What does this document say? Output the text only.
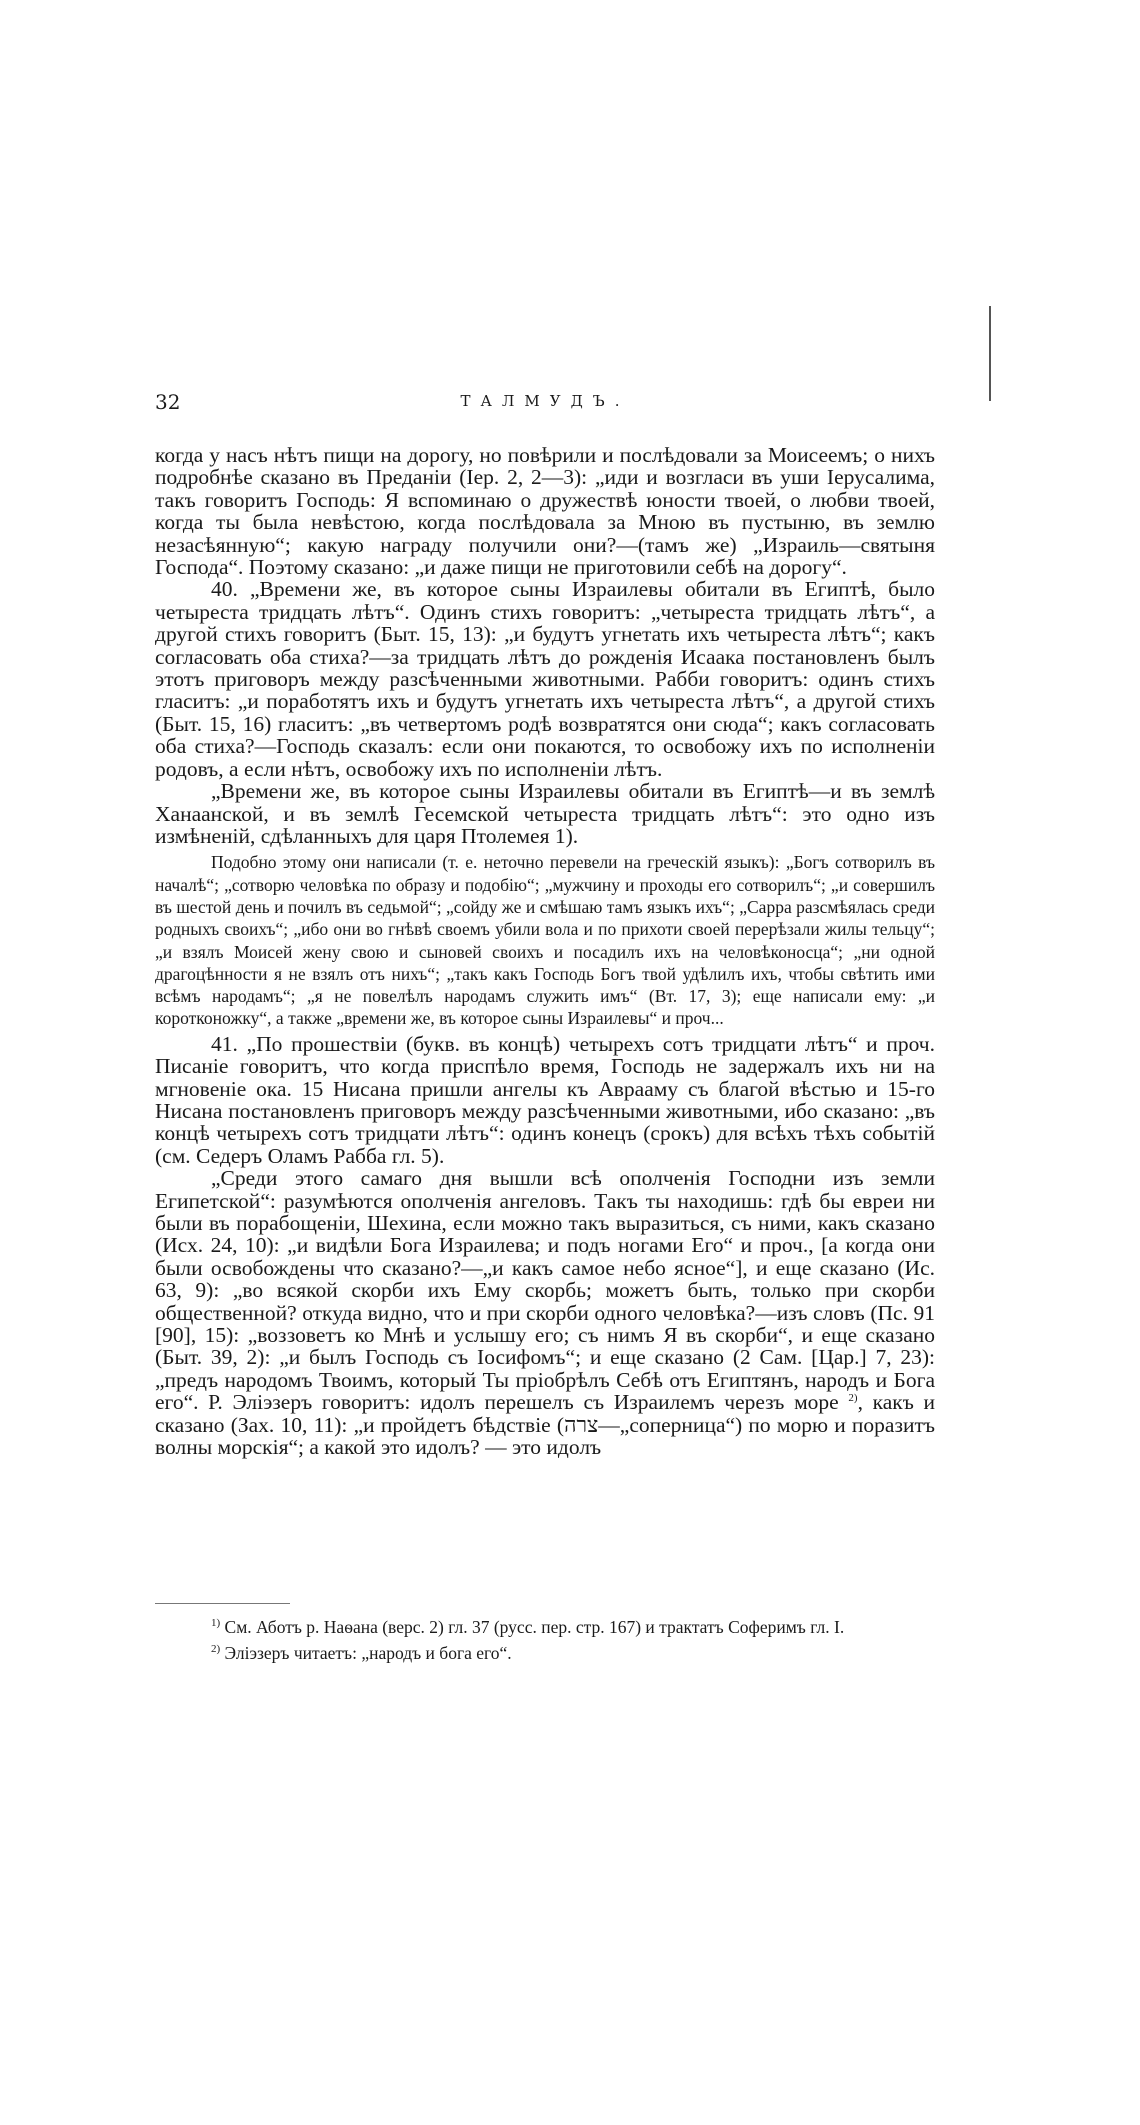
32	ТАЛМУДЪ.

когда у насъ нѣтъ пищи на дорогу, но повѣрили и послѣдовали за Моисеемъ; о нихъ подробнѣе сказано въ Преданіи (Iер. 2, 2—3): „иди и возгласи въ уши Iерусалима, такъ говоритъ Господь: Я вспоминаю о дружествѣ юности твоей, о любви твоей, когда ты была невѣстою, когда послѣдовала за Мною въ пустыню, въ землю незасѣянную“; какую награду получили они?—(тамъ же) „Израиль—святыня Господа“. Поэтому сказано: „и даже пищи не приготовили себѣ на дорогу“.

40. „Времени же, въ которое сыны Израилевы обитали въ Египтѣ, было четыреста тридцать лѣтъ“. Одинъ стихъ говоритъ: „четыреста тридцать лѣтъ“, а другой стихъ говоритъ (Быт. 15, 13): „и будутъ угнетать ихъ четыреста лѣтъ“; какъ согласовать оба стиха?—за тридцать лѣтъ до рожденія Исаака постановленъ былъ этотъ приговоръ между разсѣченными животными. Рабби говоритъ: одинъ стихъ гласитъ: „и поработятъ ихъ и будутъ угнетать ихъ четыреста лѣтъ“, а другой стихъ (Быт. 15, 16) гласитъ: „въ четвертомъ родѣ возвратятся они сюда“; какъ согласовать оба стиха?—Господь сказалъ: если они покаются, то освобожу ихъ по исполненіи родовъ, а если нѣтъ, освобожу ихъ по исполненіи лѣтъ.

„Времени же, въ которое сыны Израилевы обитали въ Египтѣ—и въ землѣ Ханаанской, и въ землѣ Гесемской четыреста тридцать лѣтъ“: это одно изъ измѣненій, сдѣланныхъ для царя Птолемея 1).

Подобно этому они написали (т. е. неточно перевели на греческій языкъ): „Богъ сотворилъ въ началѣ“; „сотворю человѣка по образу и подобію“; „мужчину и проходы его сотворилъ“; „и совершилъ въ шестой день и почилъ въ седьмой“; „сойду же и смѣшаю тамъ языкъ ихъ“; „Сарра разсмѣялась среди родныхъ своихъ“; „ибо они во гнѣвѣ своемъ убили вола и по прихоти своей перерѣзали жилы тельцу“; „и взялъ Моисей жену свою и сыновей своихъ и посадилъ ихъ на человѣконосца“; „ни одной драгоцѣнности я не взялъ отъ нихъ“; „такъ какъ Господь Богъ твой удѣлилъ ихъ, чтобы свѣтить ими всѣмъ народамъ“; „я не повелѣлъ народамъ служить имъ“ (Вт. 17, 3); еще написали ему: „и коротконожку“, а также „времени же, въ которое сыны Израилевы“ и проч...

41. „По прошествіи (букв. въ концѣ) четырехъ сотъ тридцати лѣтъ“ и проч. Писаніе говоритъ, что когда приспѣло время, Господь не задержалъ ихъ ни на мгновеніе ока. 15 Нисана пришли ангелы къ Аврааму съ благой вѣстью и 15-го Нисана постановленъ приговоръ между разсѣченными животными, ибо сказано: „въ концѣ четырехъ сотъ тридцати лѣтъ“: одинъ конецъ (срокъ) для всѣхъ тѣхъ событій (см. Седеръ Оламъ Рабба гл. 5).

„Среди этого самаго дня вышли всѣ ополченія Господни изъ земли Египетской“: разумѣются ополченія ангеловъ. Такъ ты находишь: гдѣ бы евреи ни были въ порабощеніи, Шехина, если можно такъ выразиться, съ ними, какъ сказано (Исх. 24, 10): „и видѣли Бога Израилева; и подъ ногами Его“ и проч., [а когда они были освобождены что сказано?—„и какъ самое небо ясное“], и еще сказано (Ис. 63, 9): „во всякой скорби ихъ Ему скорбь; можетъ быть, только при скорби общественной? откуда видно, что и при скорби одного человѣка?—изъ словъ (Пс. 91 [90], 15): „воззоветъ ко Мнѣ и услышу его; съ нимъ Я въ скорби“, и еще сказано (Быт. 39, 2): „и былъ Господь съ Iосифомъ“; и еще сказано (2 Сам. [Цар.] 7, 23): „предъ народомъ Твоимъ, который Ты пріобрѣлъ Себѣ отъ Египтянъ, народъ и Бога его“. Р. Элiэзеръ говоритъ: идолъ перешелъ съ Израилемъ черезъ море $^{2)}$, какъ и сказано (Зах. 10, 11): „и пройдетъ бѣдствіе (צרה—„соперница“) по морю и поразитъ волны морскія“; а какой это идолъ? — это идолъ

$^{1)}$ См. Аботъ р. Наѳана (верс. 2) гл. 37 (русс. пер. стр. 167) и трактатъ Соферимъ гл. I.

$^{2)}$ Элiэзеръ читаетъ: „народъ и бога его“.
